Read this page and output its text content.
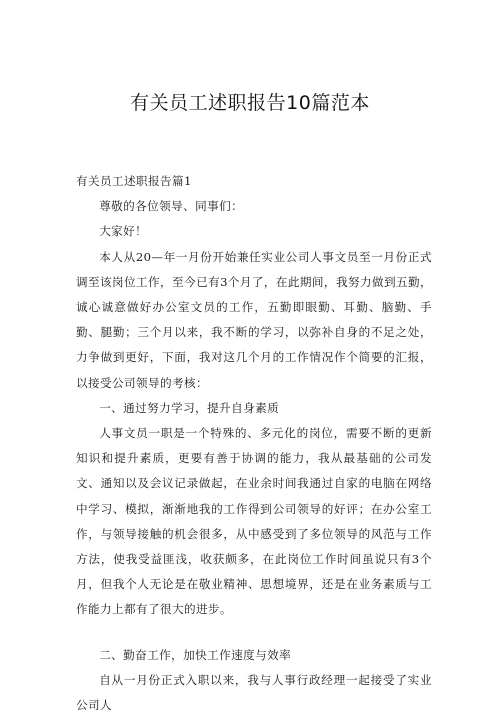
有关员工述职报告10篇范本

有关员工述职报告篇1

尊敬的各位领导、同事们：

大家好！

本人从20—年一月份开始兼任实业公司人事文员至一月份正式调至该岗位工作，至今已有3个月了，在此期间，我努力做到五勤，诚心诚意做好办公室文员的工作，五勤即眼勤、耳勤、脑勤、手勤、腿勤；三个月以来，我不断的学习，以弥补自身的不足之处，力争做到更好，下面，我对这几个月的工作情况作个简要的汇报，以接受公司领导的考核：

一、通过努力学习，提升自身素质

人事文员一职是一个特殊的、多元化的岗位，需要不断的更新知识和提升素质，更要有善于协调的能力，我从最基础的公司发文、通知以及会议记录做起，在业余时间我通过自家的电脑在网络中学习、模拟，渐渐地我的工作得到公司领导的好评；在办公室工作，与领导接触的机会很多，从中感受到了多位领导的风范与工作方法，使我受益匪浅，收获颇多，在此岗位工作时间虽说只有3个月，但我个人无论是在敬业精神、思想境界，还是在业务素质与工作能力上都有了很大的进步。

二、勤奋工作，加快工作速度与效率

自从一月份正式入职以来，我与人事行政经理一起接受了实业公司人
